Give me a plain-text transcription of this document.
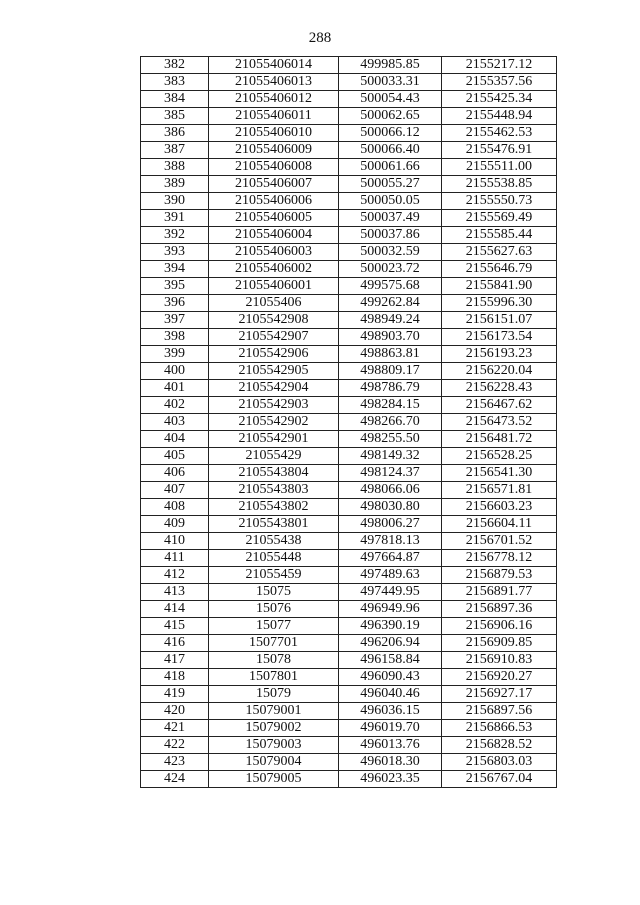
288
382	21055406014	499985.85	2155217.12
383	21055406013	500033.31	2155357.56
384	21055406012	500054.43	2155425.34
385	21055406011	500062.65	2155448.94
386	21055406010	500066.12	2155462.53
387	21055406009	500066.40	2155476.91
388	21055406008	500061.66	2155511.00
389	21055406007	500055.27	2155538.85
390	21055406006	500050.05	2155550.73
391	21055406005	500037.49	2155569.49
392	21055406004	500037.86	2155585.44
393	21055406003	500032.59	2155627.63
394	21055406002	500023.72	2155646.79
395	21055406001	499575.68	2155841.90
396	21055406	499262.84	2155996.30
397	2105542908	498949.24	2156151.07
398	2105542907	498903.70	2156173.54
399	2105542906	498863.81	2156193.23
400	2105542905	498809.17	2156220.04
401	2105542904	498786.79	2156228.43
402	2105542903	498284.15	2156467.62
403	2105542902	498266.70	2156473.52
404	2105542901	498255.50	2156481.72
405	21055429	498149.32	2156528.25
406	2105543804	498124.37	2156541.30
407	2105543803	498066.06	2156571.81
408	2105543802	498030.80	2156603.23
409	2105543801	498006.27	2156604.11
410	21055438	497818.13	2156701.52
411	21055448	497664.87	2156778.12
412	21055459	497489.63	2156879.53
413	15075	497449.95	2156891.77
414	15076	496949.96	2156897.36
415	15077	496390.19	2156906.16
416	1507701	496206.94	2156909.85
417	15078	496158.84	2156910.83
418	1507801	496090.43	2156920.27
419	15079	496040.46	2156927.17
420	15079001	496036.15	2156897.56
421	15079002	496019.70	2156866.53
422	15079003	496013.76	2156828.52
423	15079004	496018.30	2156803.03
424	15079005	496023.35	2156767.04
